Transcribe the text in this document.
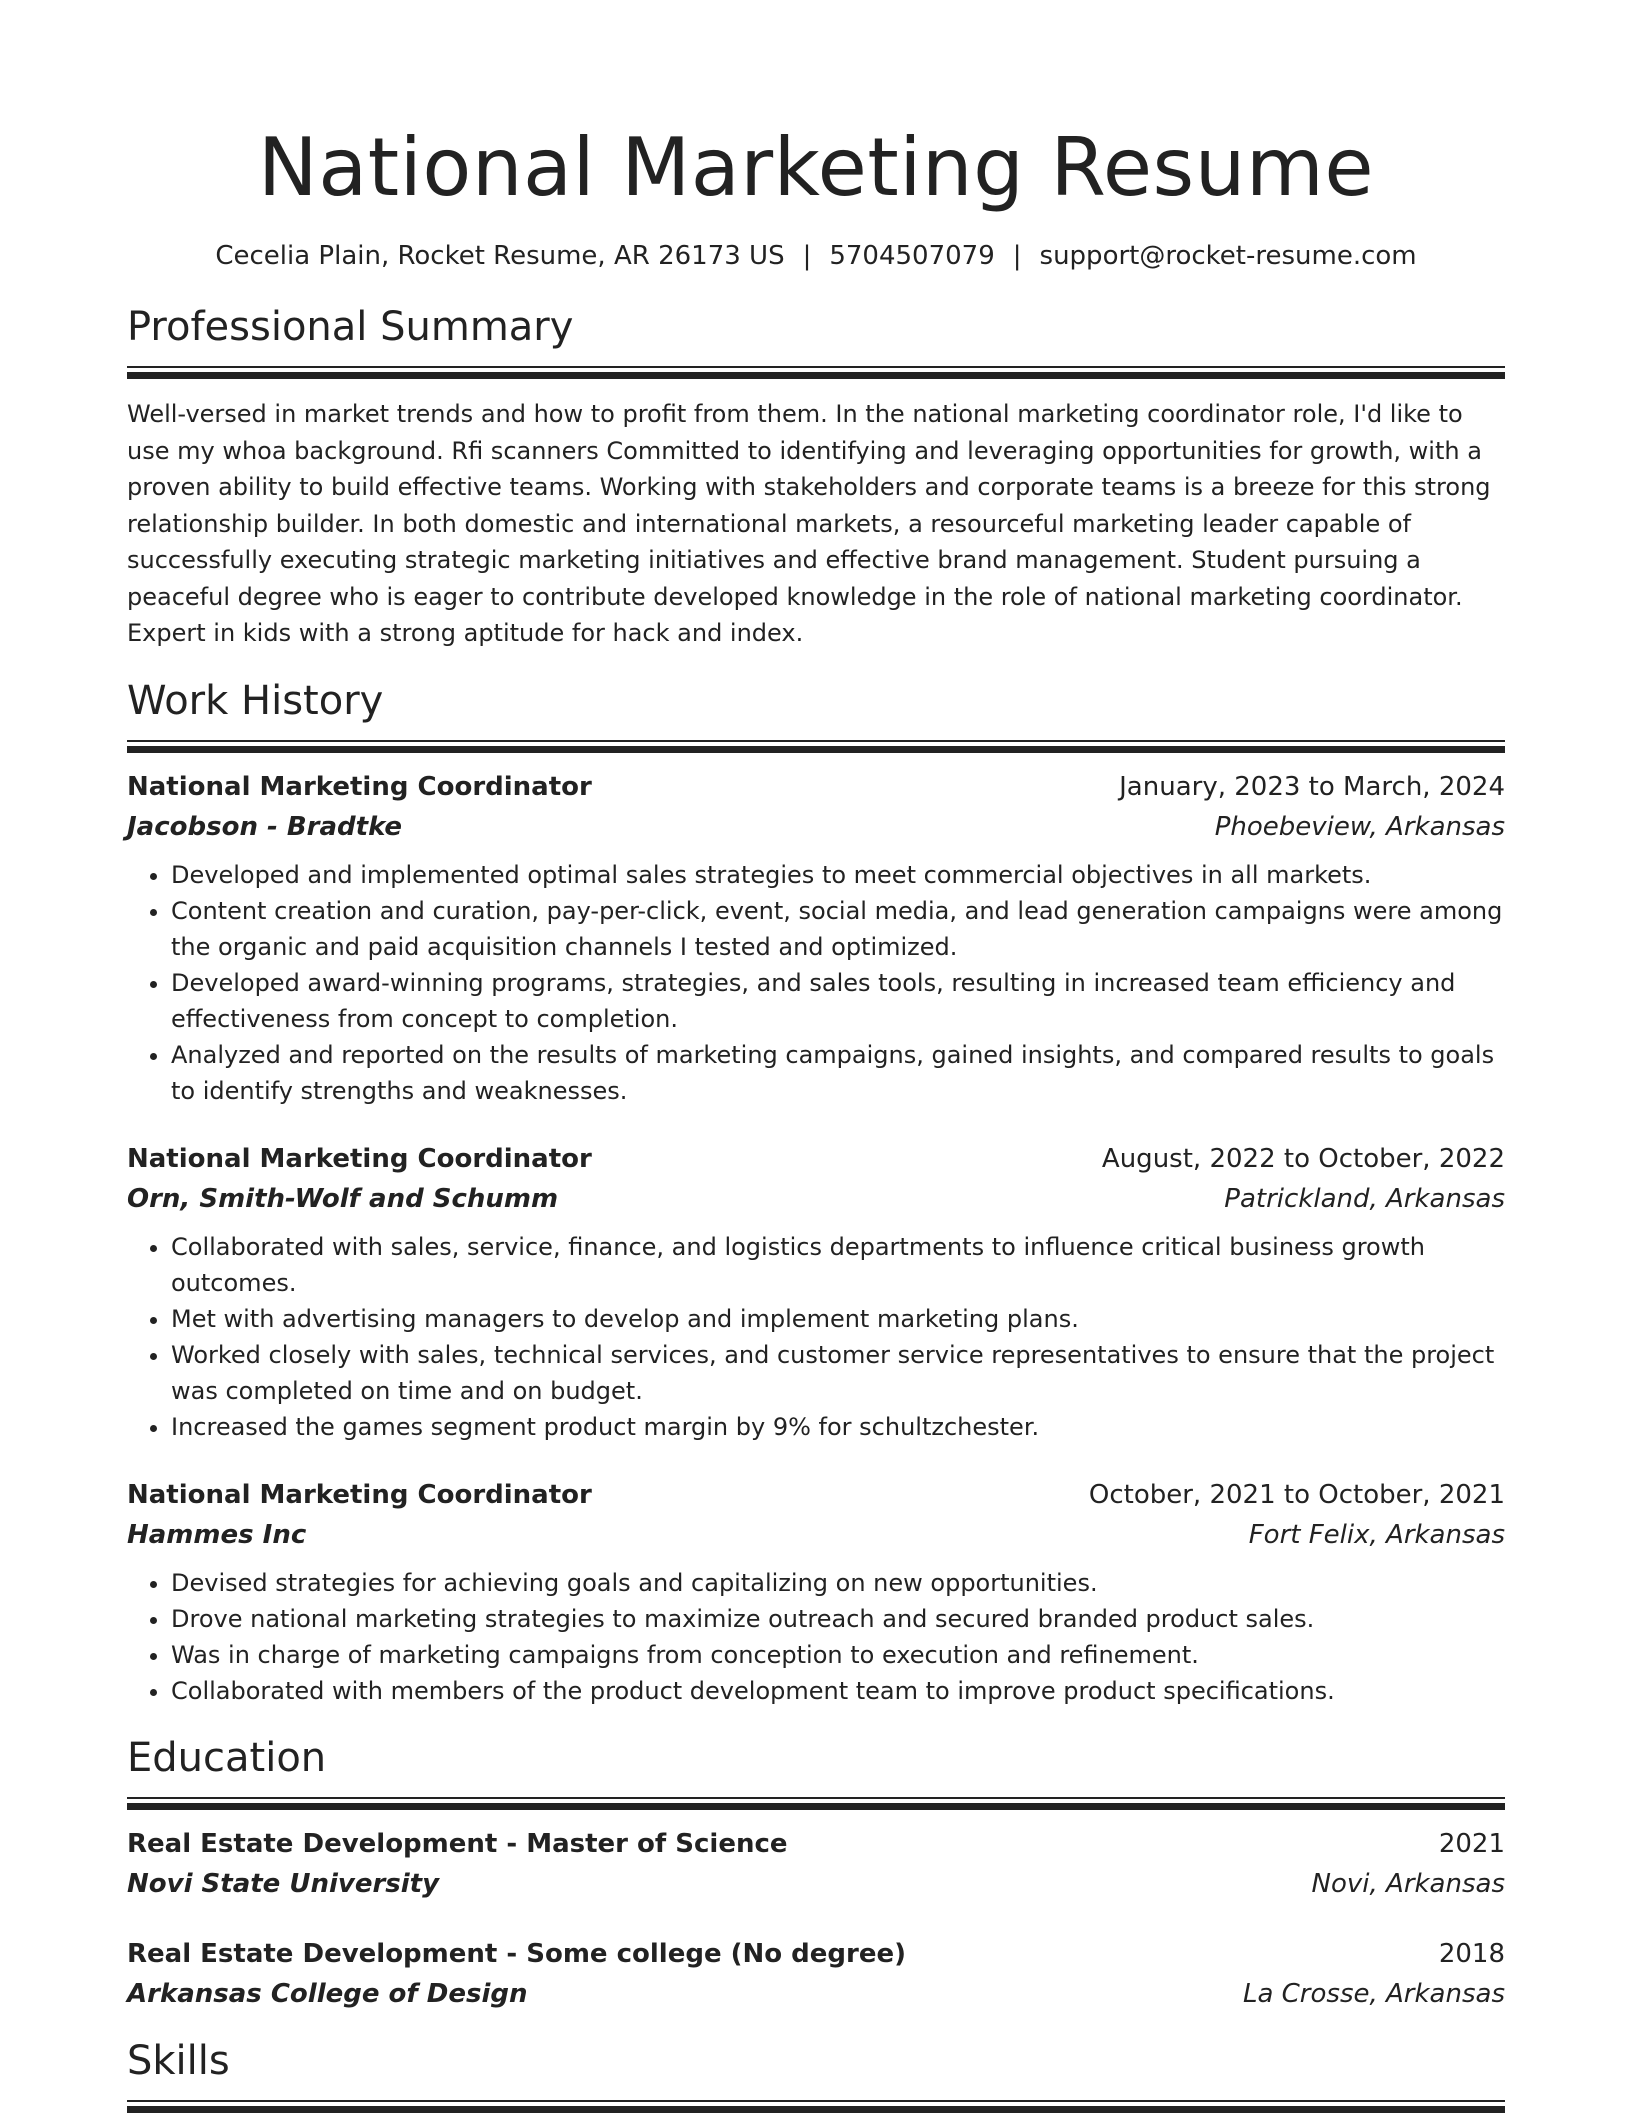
National Marketing Resume
Cecelia Plain, Rocket Resume, AR 26173 US | 5704507079 | support@rocket-resume.com
Professional Summary
Well-versed in market trends and how to profit from them. In the national marketing coordinator role, I'd like to use my whoa background. Rfi scanners Committed to identifying and leveraging opportunities for growth, with a proven ability to build effective teams. Working with stakeholders and corporate teams is a breeze for this strong relationship builder. In both domestic and international markets, a resourceful marketing leader capable of successfully executing strategic marketing initiatives and effective brand management. Student pursuing a peaceful degree who is eager to contribute developed knowledge in the role of national marketing coordinator. Expert in kids with a strong aptitude for hack and index.
Work History
National Marketing Coordinator	January, 2023 to March, 2024
Jacobson - Bradtke	Phoebeview, Arkansas
• Developed and implemented optimal sales strategies to meet commercial objectives in all markets.
• Content creation and curation, pay-per-click, event, social media, and lead generation campaigns were among the organic and paid acquisition channels I tested and optimized.
• Developed award-winning programs, strategies, and sales tools, resulting in increased team efficiency and effectiveness from concept to completion.
• Analyzed and reported on the results of marketing campaigns, gained insights, and compared results to goals to identify strengths and weaknesses.
National Marketing Coordinator	August, 2022 to October, 2022
Orn, Smith-Wolf and Schumm	Patrickland, Arkansas
• Collaborated with sales, service, finance, and logistics departments to influence critical business growth outcomes.
• Met with advertising managers to develop and implement marketing plans.
• Worked closely with sales, technical services, and customer service representatives to ensure that the project was completed on time and on budget.
• Increased the games segment product margin by 9% for schultzchester.
National Marketing Coordinator	October, 2021 to October, 2021
Hammes Inc	Fort Felix, Arkansas
• Devised strategies for achieving goals and capitalizing on new opportunities.
• Drove national marketing strategies to maximize outreach and secured branded product sales.
• Was in charge of marketing campaigns from conception to execution and refinement.
• Collaborated with members of the product development team to improve product specifications.
Education
Real Estate Development - Master of Science	2021
Novi State University	Novi, Arkansas
Real Estate Development - Some college (No degree)	2018
Arkansas College of Design	La Crosse, Arkansas
Skills
